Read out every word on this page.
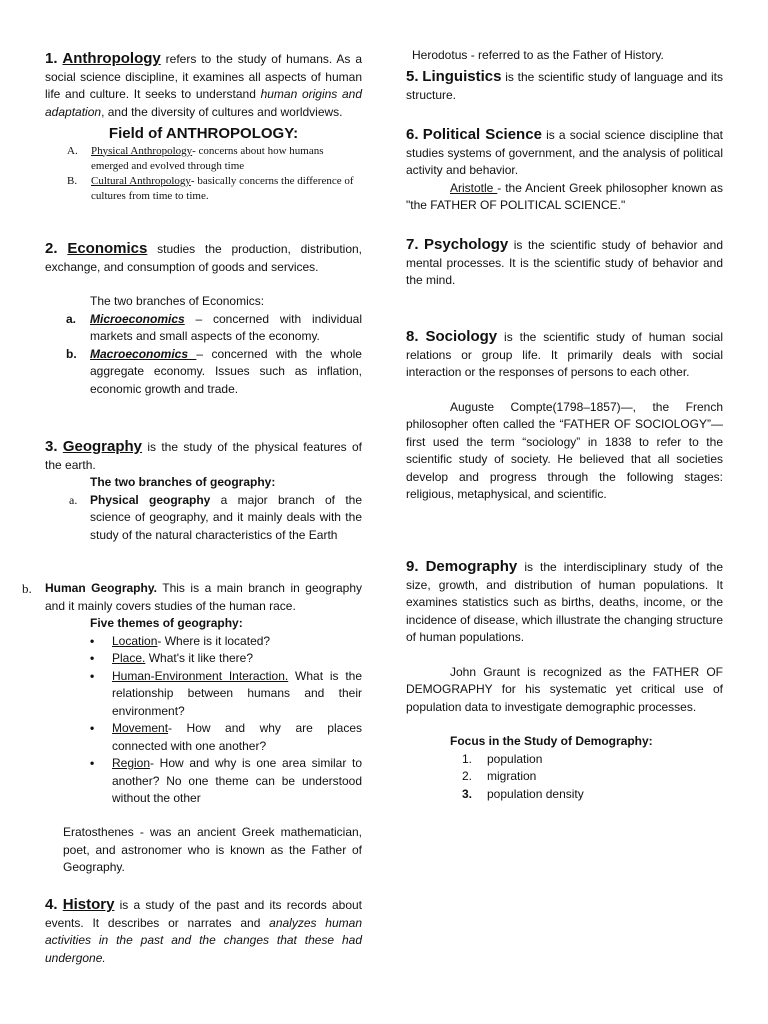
1. Anthropology refers to the study of humans. As a social science discipline, it examines all aspects of human life and culture. It seeks to understand human origins and adaptation, and the diversity of cultures and worldviews.

Field of ANTHROPOLOGY:

A.	Physical Anthropology- concerns about how humans emerged and evolved through time
B.	Cultural Anthropology- basically concerns the difference of cultures from time to time.

2. Economics studies the production, distribution, exchange, and consumption of goods and services.

The two branches of Economics:

a.	Microeconomics – concerned with individual markets and small aspects of the economy.
b.	Macroeconomics – concerned with the whole aggregate economy. Issues such as inflation, economic growth and trade.

3. Geography is the study of the physical features of the earth.

The two branches of geography:

a.	Physical geography a major branch of the science of geography, and it mainly deals with the study of the natural characteristics of the Earth
b.	Human Geography. This is a main branch in geography and it mainly covers studies of the human race.

Five themes of geography:

•	Location- Where is it located?
•	Place. What's it like there?
•	Human-Environment Interaction. What is the relationship between humans and their environment?
•	Movement- How and why are places connected with one another?
•	Region- How and why is one area similar to another? No one theme can be understood without the other

Eratosthenes - was an ancient Greek mathematician, poet, and astronomer who is known as the Father of Geography.

4. History is a study of the past and its records about events. It describes or narrates and analyzes human activities in the past and the changes that these had undergone.

Herodotus - referred to as the Father of History.

5. Linguistics is the scientific study of language and its structure.

6. Political Science is a social science discipline that studies systems of government, and the analysis of political activity and behavior.

Aristotle - the Ancient Greek philosopher known as "the FATHER OF POLITICAL SCIENCE."

7. Psychology is the scientific study of behavior and mental processes. It is the scientific study of behavior and the mind.

8. Sociology is the scientific study of human social relations or group life. It primarily deals with social interaction or the responses of persons to each other.

Auguste Compte(1798–1857)—, the French philosopher often called the “FATHER OF SOCIOLOGY”—first used the term “sociology” in 1838 to refer to the scientific study of society. He believed that all societies develop and progress through the following stages: religious, metaphysical, and scientific.

9. Demography is the interdisciplinary study of the size, growth, and distribution of human populations. It examines statistics such as births, deaths, income, or the incidence of disease, which illustrate the changing structure of human populations.

John Graunt is recognized as the FATHER OF DEMOGRAPHY for his systematic yet critical use of population data to investigate demographic processes.

Focus in the Study of Demography:

1.	population
2.	migration
3.	population density
